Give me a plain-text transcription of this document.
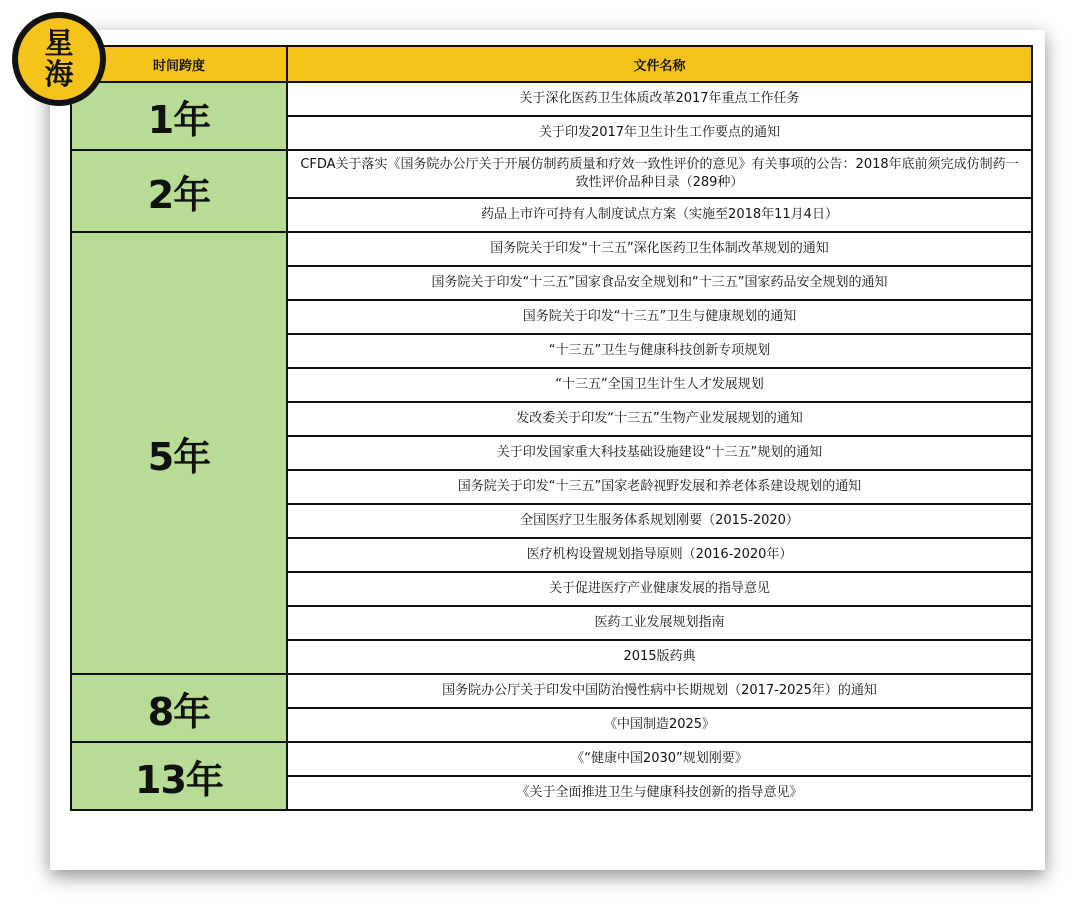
星
海	时间跨度	文件名称
1年	关于深化医药卫生体质改革2017年重点工作任务
	关于印发2017年卫生计生工作要点的通知
2年	CFDA关于落实《国务院办公厅关于开展仿制药质量和疗效一致性评价的意见》有关事项的公告：2018年底前须完成仿制药一致性评价品种目录（289种）
	药品上市许可持有人制度试点方案（实施至2018年11月4日）
5年	国务院关于印发“十三五”深化医药卫生体制改革规划的通知
	国务院关于印发“十三五”国家食品安全规划和“十三五”国家药品安全规划的通知
	国务院关于印发“十三五”卫生与健康规划的通知
	“十三五”卫生与健康科技创新专项规划
	“十三五”全国卫生计生人才发展规划
	发改委关于印发“十三五”生物产业发展规划的通知
	关于印发国家重大科技基础设施建设“十三五”规划的通知
	国务院关于印发“十三五”国家老龄视野发展和养老体系建设规划的通知
	全国医疗卫生服务体系规划刚要（2015-2020）
	医疗机构设置规划指导原则（2016-2020年）
	关于促进医疗产业健康发展的指导意见
	医药工业发展规划指南
	2015版药典
8年	国务院办公厅关于印发中国防治慢性病中长期规划（2017-2025年）的通知
	《中国制造2025》
13年	《“健康中国2030”规划刚要》
	《关于全面推进卫生与健康科技创新的指导意见》
